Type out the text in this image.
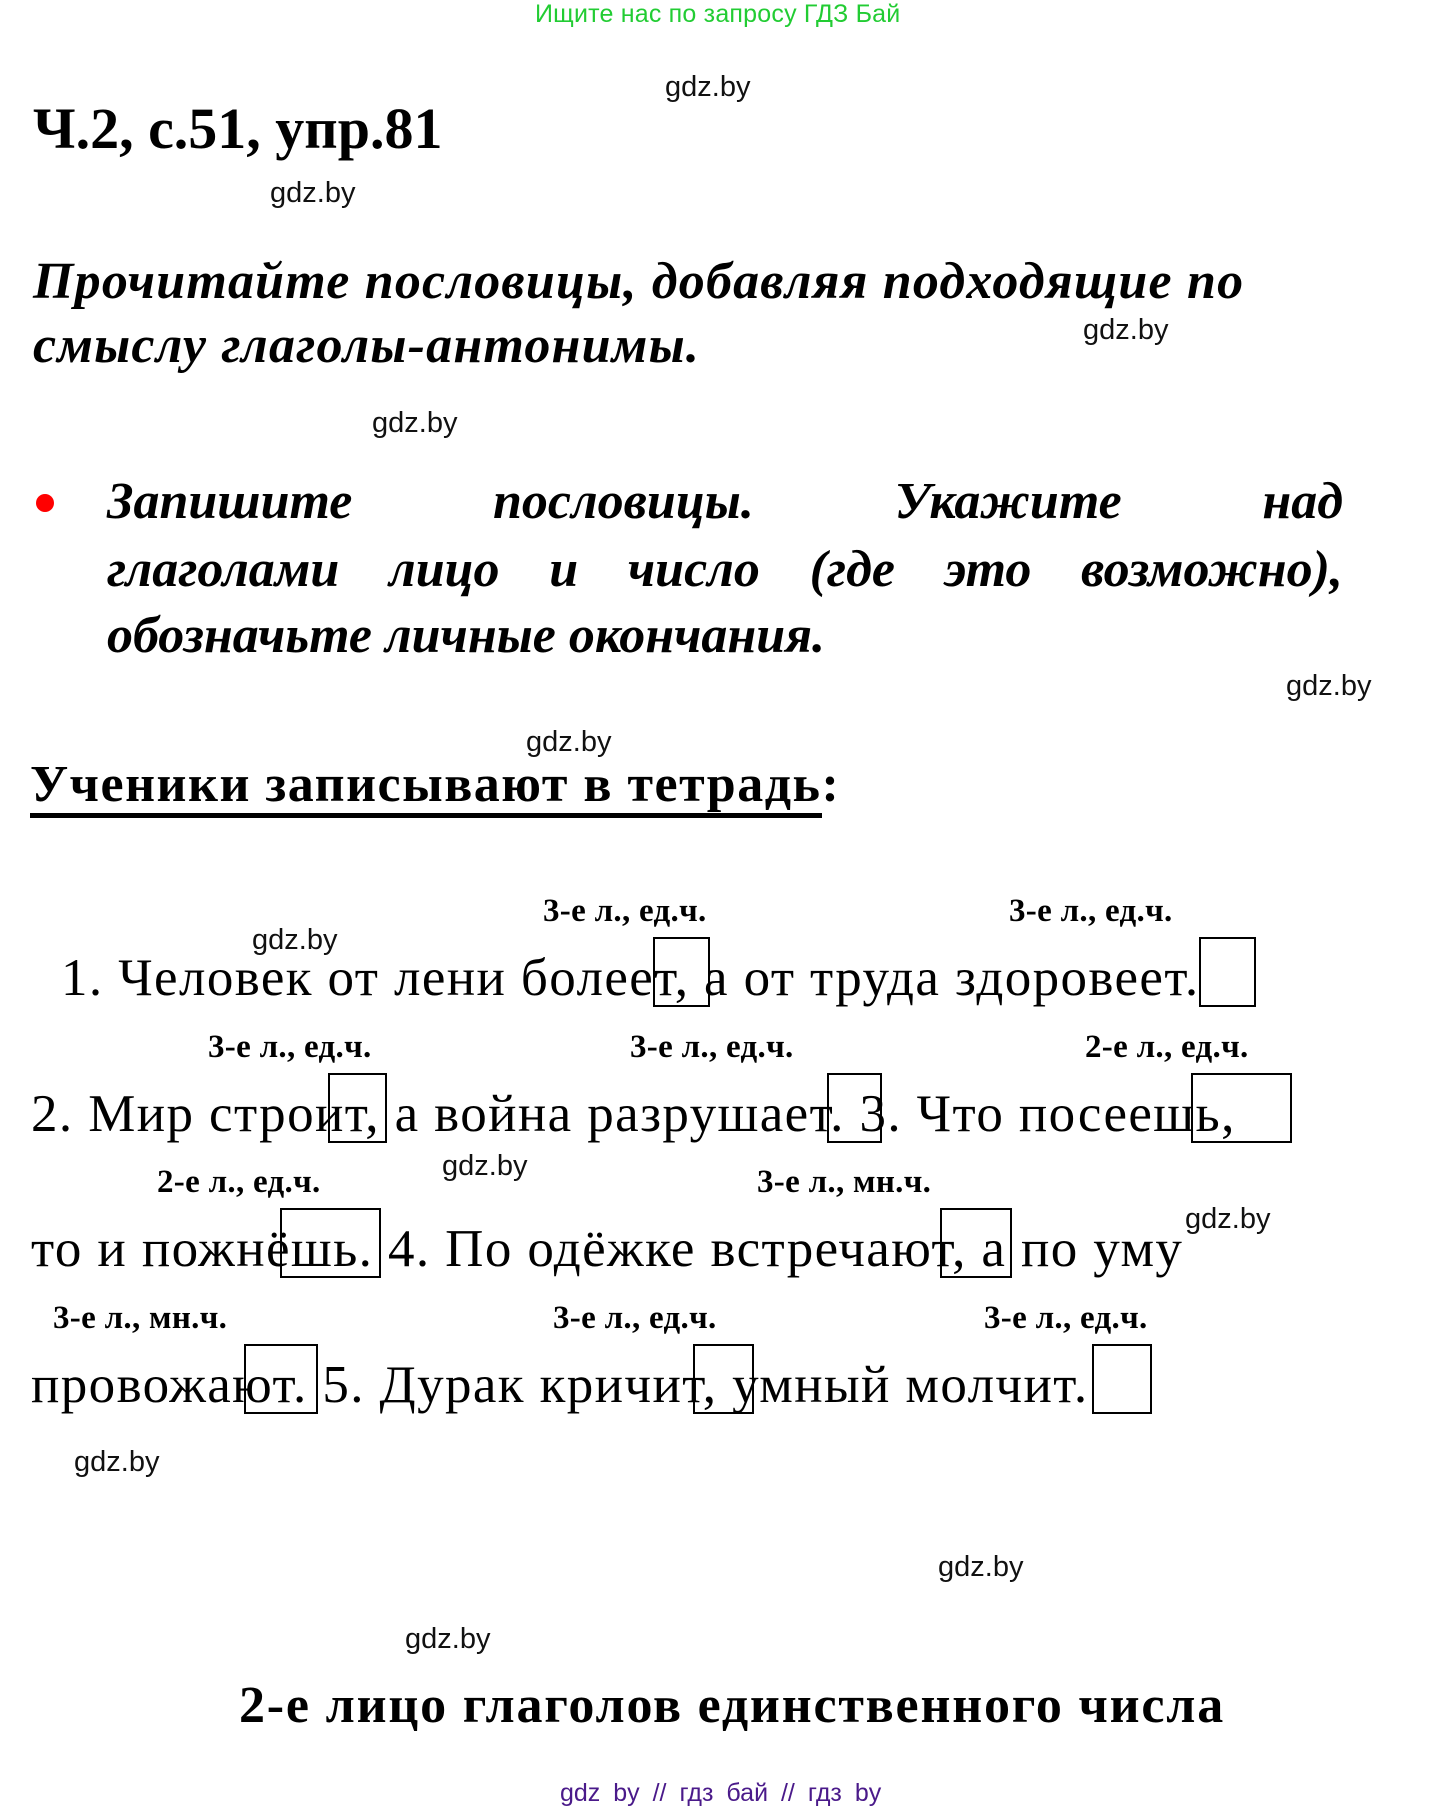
Ищите нас по запросу ГДЗ Бай
gdz.by
gdz.by
gdz.by
gdz.by
gdz.by
gdz.by
gdz.by
gdz.by
gdz.by
gdz.by
gdz.by
gdz.by
Ч.2, с.51, упр.81
Прочитайте пословицы, добавляя подходящие по
смыслу глаголы-антонимы.
Запишите	пословицы.	Укажите	над
глаголами лицо и число (где это возможно),
обозначьте личные окончания.
Ученики записывают в тетрадь:
3-е л., ед.ч.	3-е л., ед.ч.
1. Человек от лени болеет, а от труда здоровеет.
3-е л., ед.ч.	3-е л., ед.ч.	2-е л., ед.ч.
2. Мир строит, а война разрушает. 3. Что посеешь,
2-е л., ед.ч.	3-е л., мн.ч.
то и пожнёшь. 4. По одёжке встречают, а по уму
3-е л., мн.ч.	3-е л., ед.ч.	3-е л., ед.ч.
провожают. 5. Дурак кричит, умный молчит.
2-е лицо глаголов единственного числа
gdz by // гдз бай // гдз by
